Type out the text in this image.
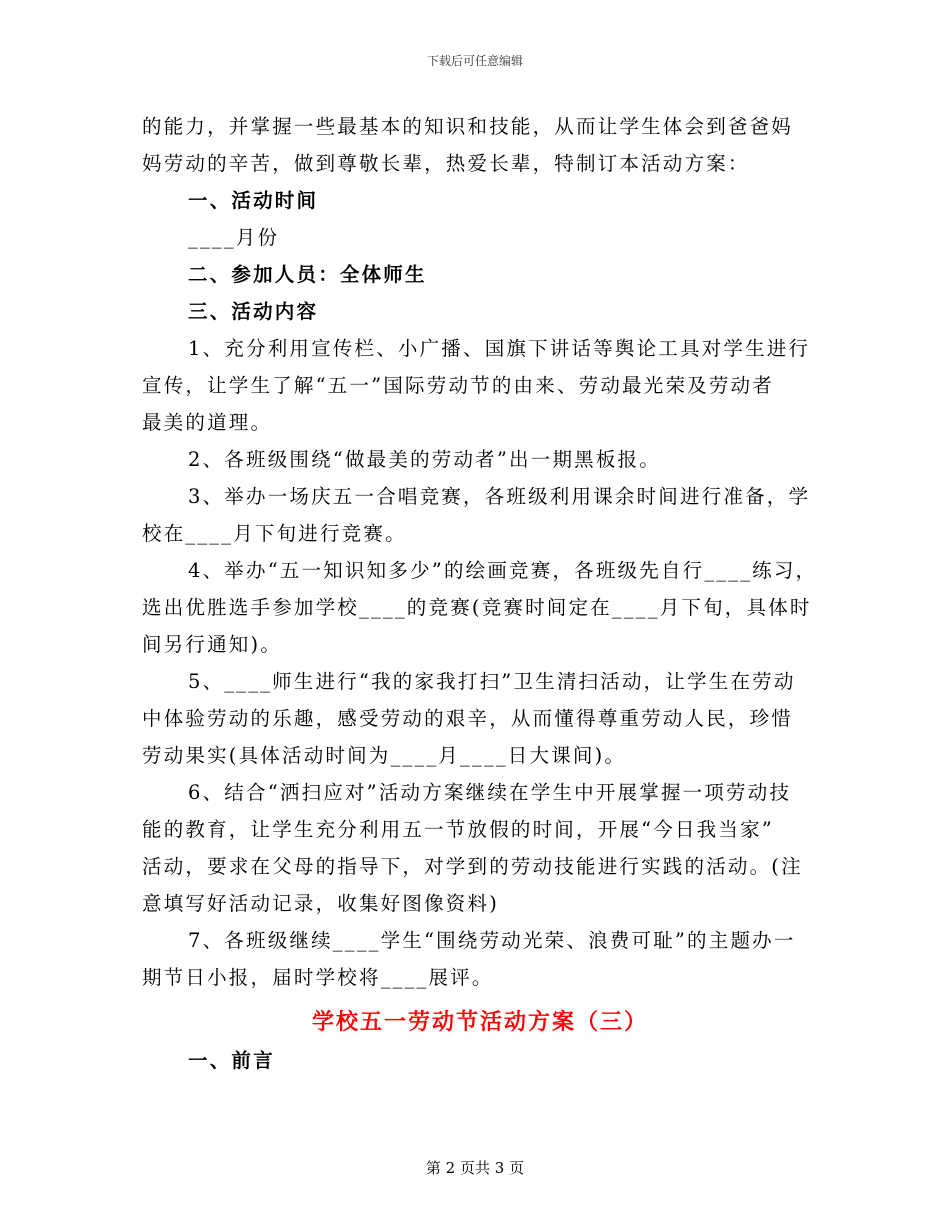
下载后可任意编辑
的能力，并掌握一些最基本的知识和技能，从而让学生体会到爸爸妈
妈劳动的辛苦，做到尊敬长辈，热爱长辈，特制订本活动方案：
一、活动时间
____月份
二、参加人员：全体师生
三、活动内容
1、充分利用宣传栏、小广播、国旗下讲话等舆论工具对学生进行
宣传，让学生了解“五一”国际劳动节的由来、劳动最光荣及劳动者
最美的道理。
2、各班级围绕“做最美的劳动者”出一期黑板报。
3、举办一场庆五一合唱竞赛，各班级利用课余时间进行准备，学
校在____月下旬进行竞赛。
4、举办“五一知识知多少”的绘画竞赛，各班级先自行____练习，
选出优胜选手参加学校____的竞赛(竞赛时间定在____月下旬，具体时
间另行通知)。
5、____师生进行“我的家我打扫”卫生清扫活动，让学生在劳动
中体验劳动的乐趣，感受劳动的艰辛，从而懂得尊重劳动人民，珍惜
劳动果实(具体活动时间为____月____日大课间)。
6、结合“洒扫应对”活动方案继续在学生中开展掌握一项劳动技
能的教育，让学生充分利用五一节放假的时间，开展“今日我当家”
活动，要求在父母的指导下，对学到的劳动技能进行实践的活动。(注
意填写好活动记录，收集好图像资料)
7、各班级继续____学生“围绕劳动光荣、浪费可耻”的主题办一
期节日小报，届时学校将____展评。
学校五一劳动节活动方案（三）
一、前言
第 2 页共 3 页
